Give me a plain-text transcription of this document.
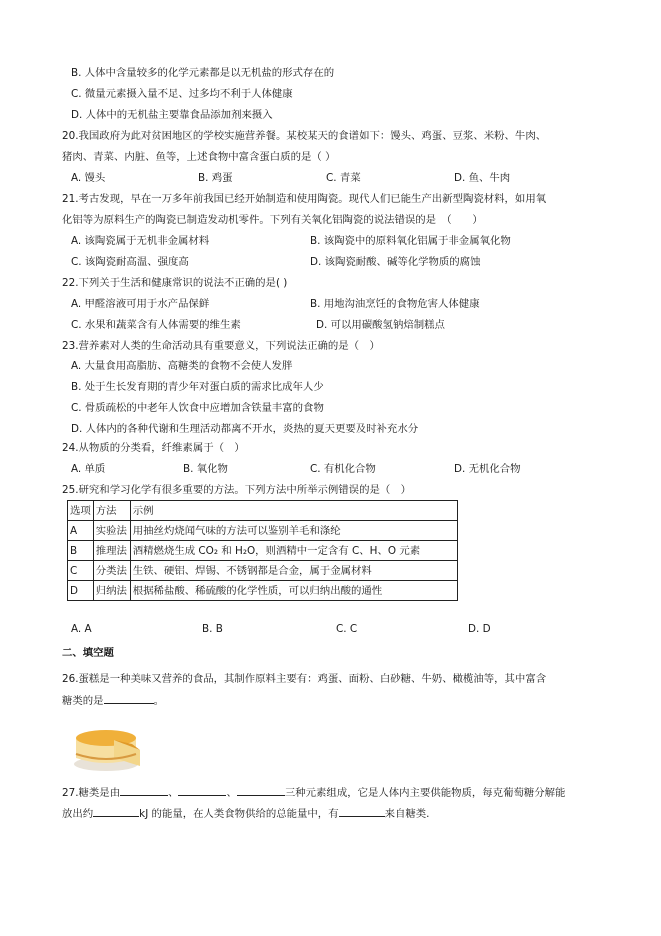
B. 人体中含量较多的化学元素都是以无机盐的形式存在的
C. 微量元素摄入量不足、过多均不利于人体健康
D. 人体中的无机盐主要靠食品添加剂来摄入
20.我国政府为此对贫困地区的学校实施营养餐。某校某天的食谱如下：馒头、鸡蛋、豆浆、米粉、牛肉、
猪肉、青菜、内脏、鱼等，上述食物中富含蛋白质的是（ ）
A. 馒头	B. 鸡蛋	C. 青菜	D. 鱼、牛肉
21.考古发现，早在一万多年前我国已经开始制造和使用陶瓷。现代人们已能生产出新型陶瓷材料，如用氧
化铝等为原料生产的陶瓷已制造发动机零件。下列有关氧化铝陶瓷的说法错误的是　（　　）
A. 该陶瓷属于无机非金属材料	B. 该陶瓷中的原料氧化铝属于非金属氧化物
C. 该陶瓷耐高温、强度高	D. 该陶瓷耐酸、碱等化学物质的腐蚀
22.下列关于生活和健康常识的说法不正确的是( )
A. 甲醛溶液可用于水产品保鲜	B. 用地沟油烹饪的食物危害人体健康
C. 水果和蔬菜含有人体需要的维生素	D. 可以用碳酸氢钠焙制糕点
23.营养素对人类的生命活动具有重要意义，下列说法正确的是（　）
A. 大量食用高脂肪、高糖类的食物不会使人发胖
B. 处于生长发育期的青少年对蛋白质的需求比成年人少
C. 骨质疏松的中老年人饮食中应增加含铁量丰富的食物
D. 人体内的各种代谢和生理活动都离不开水，炎热的夏天更要及时补充水分
24.从物质的分类看，纤维素属于（　）
A. 单质	B. 氧化物	C. 有机化合物	D. 无机化合物
25.研究和学习化学有很多重要的方法。下列方法中所举示例错误的是（　）
选项	方法	示例
A	实验法	用抽丝灼烧闻气味的方法可以鉴别羊毛和涤纶
B	推理法	酒精燃烧生成 CO₂ 和 H₂O，则酒精中一定含有 C、H、O 元素
C	分类法	生铁、硬铝、焊锡、不锈钢都是合金，属于金属材料
D	归纳法	根据稀盐酸、稀硫酸的化学性质，可以归纳出酸的通性
A. A	B. B	C. C	D. D
二、填空题
26.蛋糕是一种美味又营养的食品，其制作原料主要有：鸡蛋、面粉、白砂糖、牛奶、橄榄油等，其中富含
糖类的是	。
27.糖类是由	、	、	三种元素组成，它是人体内主要供能物质，每克葡萄糖分解能
放出约	kJ 的能量，在人类食物供给的总能量中，有	来自糖类.
